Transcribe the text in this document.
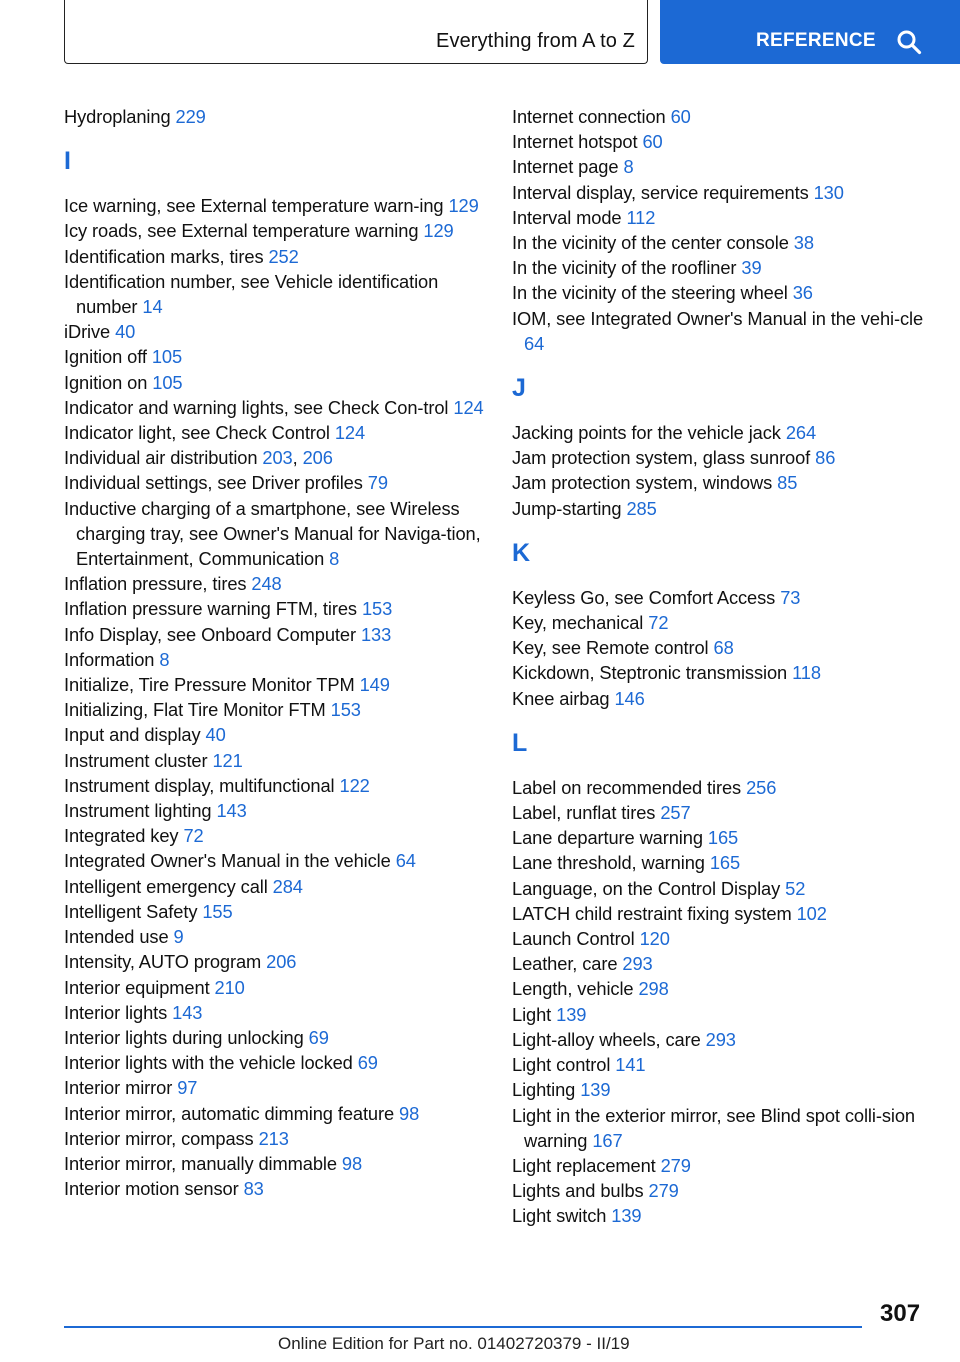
Everything from A to Z	REFERENCE

Hydroplaning 229

I

Ice warning, see External temperature warn-ing 129

Icy roads, see External temperature warning 129

Identification marks, tires 252

Identification number, see Vehicle identification number 14

iDrive 40

Ignition off 105

Ignition on 105

Indicator and warning lights, see Check Con-trol 124

Indicator light, see Check Control 124

Individual air distribution 203, 206

Individual settings, see Driver profiles 79

Inductive charging of a smartphone, see Wireless charging tray, see Owner's Manual for Naviga-tion, Entertainment, Communication 8

Inflation pressure, tires 248

Inflation pressure warning FTM, tires 153

Info Display, see Onboard Computer 133

Information 8

Initialize, Tire Pressure Monitor TPM 149

Initializing, Flat Tire Monitor FTM 153

Input and display 40

Instrument cluster 121

Instrument display, multifunctional 122

Instrument lighting 143

Integrated key 72

Integrated Owner's Manual in the vehicle 64

Intelligent emergency call 284

Intelligent Safety 155

Intended use 9

Intensity, AUTO program 206

Interior equipment 210

Interior lights 143

Interior lights during unlocking 69

Interior lights with the vehicle locked 69

Interior mirror 97

Interior mirror, automatic dimming feature 98

Interior mirror, compass 213

Interior mirror, manually dimmable 98

Interior motion sensor 83

Internet connection 60

Internet hotspot 60

Internet page 8

Interval display, service requirements 130

Interval mode 112

In the vicinity of the center console 38

In the vicinity of the roofliner 39

In the vicinity of the steering wheel 36

IOM, see Integrated Owner's Manual in the vehi-cle 64

J

Jacking points for the vehicle jack 264

Jam protection system, glass sunroof 86

Jam protection system, windows 85

Jump-starting 285

K

Keyless Go, see Comfort Access 73

Key, mechanical 72

Key, see Remote control 68

Kickdown, Steptronic transmission 118

Knee airbag 146

L

Label on recommended tires 256

Label, runflat tires 257

Lane departure warning 165

Lane threshold, warning 165

Language, on the Control Display 52

LATCH child restraint fixing system 102

Launch Control 120

Leather, care 293

Length, vehicle 298

Light 139

Light-alloy wheels, care 293

Light control 141

Lighting 139

Light in the exterior mirror, see Blind spot colli-sion warning 167

Light replacement 279

Lights and bulbs 279

Light switch 139

307
Online Edition for Part no. 01402720379 - II/19
